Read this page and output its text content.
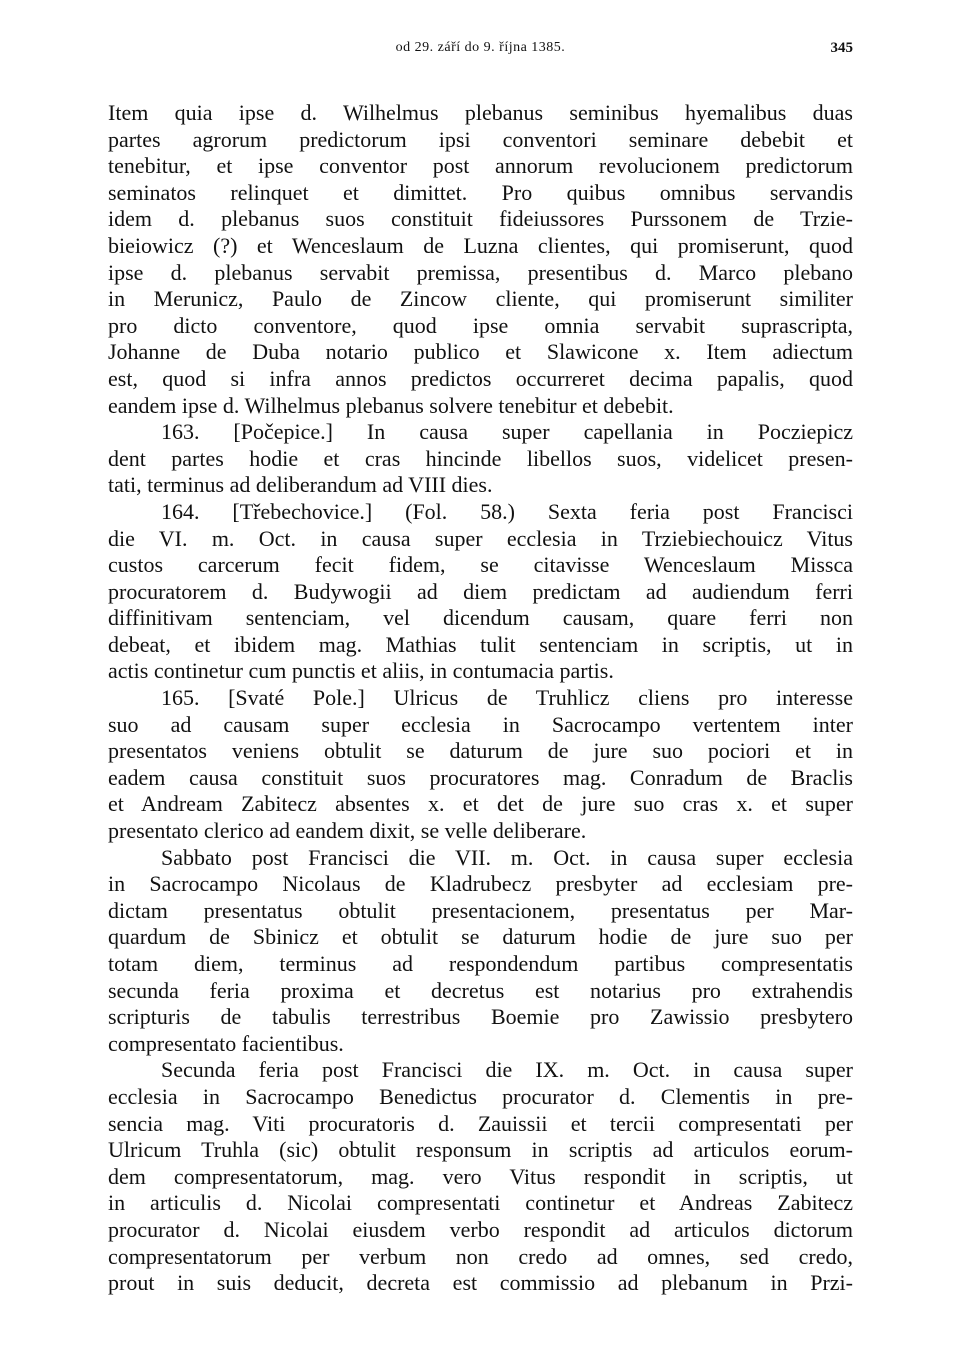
od 29. září do 9. října 1385.	345
Item quia ipse d. Wilhelmus plebanus seminibus hyemalibus duas
partes agrorum predictorum ipsi conventori seminare debebit et
tenebitur, et ipse conventor post annorum revolucionem predictorum
seminatos relinquet et dimittet. Pro quibus omnibus servandis
idem d. plebanus suos constituit fideiussores Purssonem de Trzie-
bieiowicz (?) et Wenceslaum de Luzna clientes, qui promiserunt, quod
ipse d. plebanus servabit premissa, presentibus d. Marco plebano
in Merunicz, Paulo de Zincow cliente, qui promiserunt similiter
pro dicto conventore, quod ipse omnia servabit suprascripta,
Johanne de Duba notario publico et Slawicone x. Item adiectum
est, quod si infra annos predictos occurreret decima papalis, quod
eandem ipse d. Wilhelmus plebanus solvere tenebitur et debebit.
163. [Počepice.] In causa super capellania in Pocziepicz
dent partes hodie et cras hincinde libellos suos, videlicet presen-
tati, terminus ad deliberandum ad VIII dies.
164. [Třebechovice.] (Fol. 58.) Sexta feria post Francisci
die VI. m. Oct. in causa super ecclesia in Trziebiechouicz Vitus
custos carcerum fecit fidem, se citavisse Wenceslaum Missca
procuratorem d. Budywogii ad diem predictam ad audiendum ferri
diffinitivam sentenciam, vel dicendum causam, quare ferri non
debeat, et ibidem mag. Mathias tulit sentenciam in scriptis, ut in
actis continetur cum punctis et aliis, in contumacia partis.
165. [Svaté Pole.] Ulricus de Truhlicz cliens pro interesse
suo ad causam super ecclesia in Sacrocampo vertentem inter
presentatos veniens obtulit se daturum de jure suo pociori et in
eadem causa constituit suos procuratores mag. Conradum de Braclis
et Andream Zabitecz absentes x. et det de jure suo cras x. et super
presentato clerico ad eandem dixit, se velle deliberare.
Sabbato post Francisci die VII. m. Oct. in causa super ecclesia
in Sacrocampo Nicolaus de Kladrubecz presbyter ad ecclesiam pre-
dictam presentatus obtulit presentacionem, presentatus per Mar-
quardum de Sbinicz et obtulit se daturum hodie de jure suo per
totam diem, terminus ad respondendum partibus compresentatis
secunda feria proxima et decretus est notarius pro extrahendis
scripturis de tabulis terrestribus Boemie pro Zawissio presbytero
compresentato facientibus.
Secunda feria post Francisci die IX. m. Oct. in causa super
ecclesia in Sacrocampo Benedictus procurator d. Clementis in pre-
sencia mag. Viti procuratoris d. Zauissii et tercii compresentati per
Ulricum Truhla (sic) obtulit responsum in scriptis ad articulos eorum-
dem compresentatorum, mag. vero Vitus respondit in scriptis, ut
in articulis d. Nicolai compresentati continetur et Andreas Zabitecz
procurator d. Nicolai eiusdem verbo respondit ad articulos dictorum
compresentatorum per verbum non credo ad omnes, sed credo,
prout in suis deducit, decreta est commissio ad plebanum in Przi-
